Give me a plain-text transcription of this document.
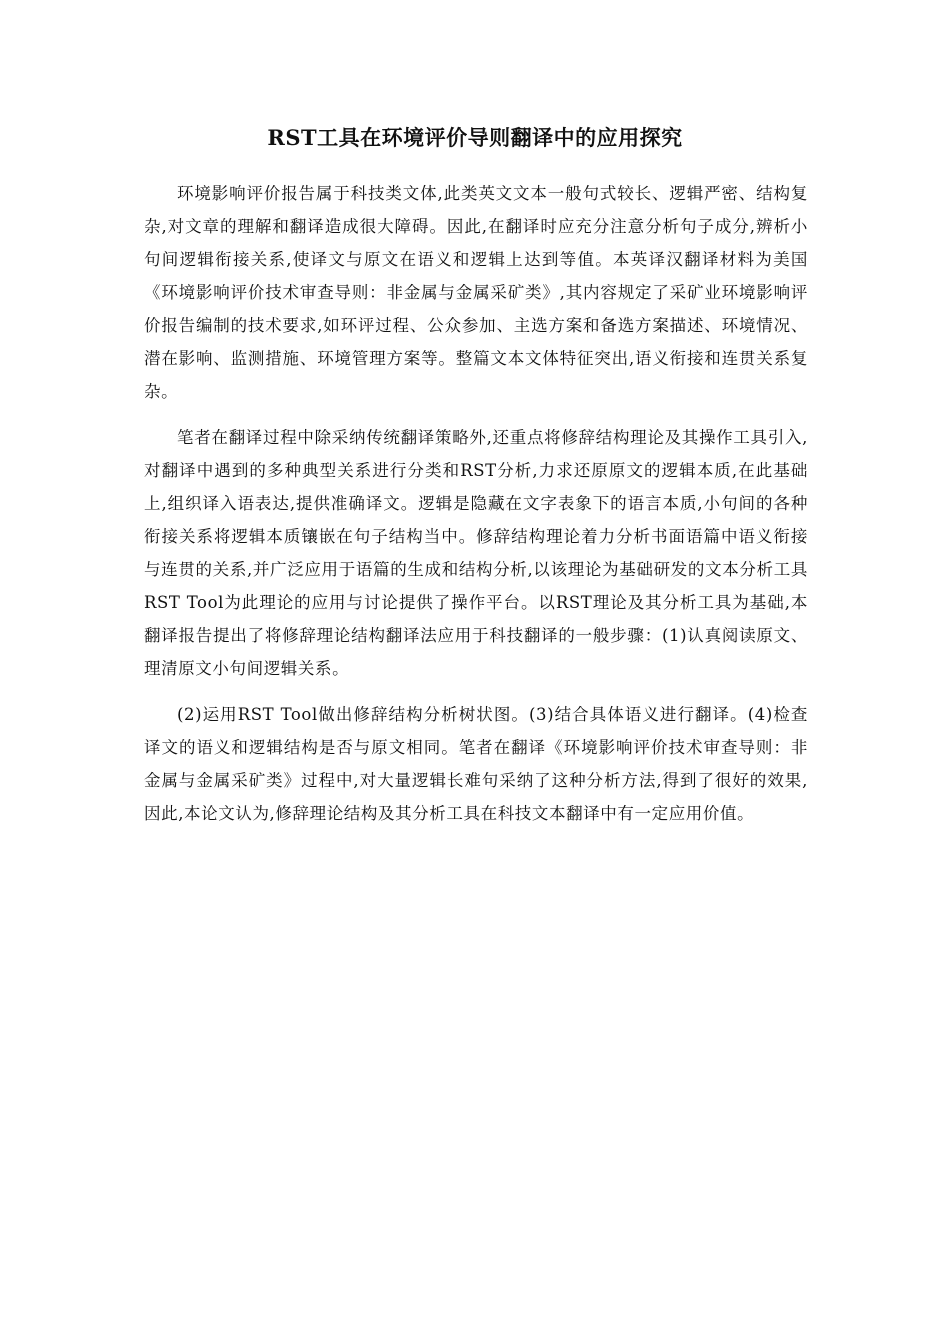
RST工具在环境评价导则翻译中的应用探究

环境影响评价报告属于科技类文体,此类英文文本一般句式较长、逻辑严密、结构复杂,对文章的理解和翻译造成很大障碍。因此,在翻译时应充分注意分析句子成分,辨析小句间逻辑衔接关系,使译文与原文在语义和逻辑上达到等值。本英译汉翻译材料为美国《环境影响评价技术审查导则：非金属与金属采矿类》,其内容规定了采矿业环境影响评价报告编制的技术要求,如环评过程、公众参加、主选方案和备选方案描述、环境情况、潜在影响、监测措施、环境管理方案等。整篇文本文体特征突出,语义衔接和连贯关系复杂。

笔者在翻译过程中除采纳传统翻译策略外,还重点将修辞结构理论及其操作工具引入,对翻译中遇到的多种典型关系进行分类和RST分析,力求还原原文的逻辑本质,在此基础上,组织译入语表达,提供准确译文。逻辑是隐藏在文字表象下的语言本质,小句间的各种衔接关系将逻辑本质镶嵌在句子结构当中。修辞结构理论着力分析书面语篇中语义衔接与连贯的关系,并广泛应用于语篇的生成和结构分析,以该理论为基础研发的文本分析工具RST Tool为此理论的应用与讨论提供了操作平台。以RST理论及其分析工具为基础,本翻译报告提出了将修辞理论结构翻译法应用于科技翻译的一般步骤：(1)认真阅读原文、理清原文小句间逻辑关系。

(2)运用RST Tool做出修辞结构分析树状图。(3)结合具体语义进行翻译。(4)检查译文的语义和逻辑结构是否与原文相同。笔者在翻译《环境影响评价技术审查导则：非金属与金属采矿类》过程中,对大量逻辑长难句采纳了这种分析方法,得到了很好的效果,因此,本论文认为,修辞理论结构及其分析工具在科技文本翻译中有一定应用价值。
